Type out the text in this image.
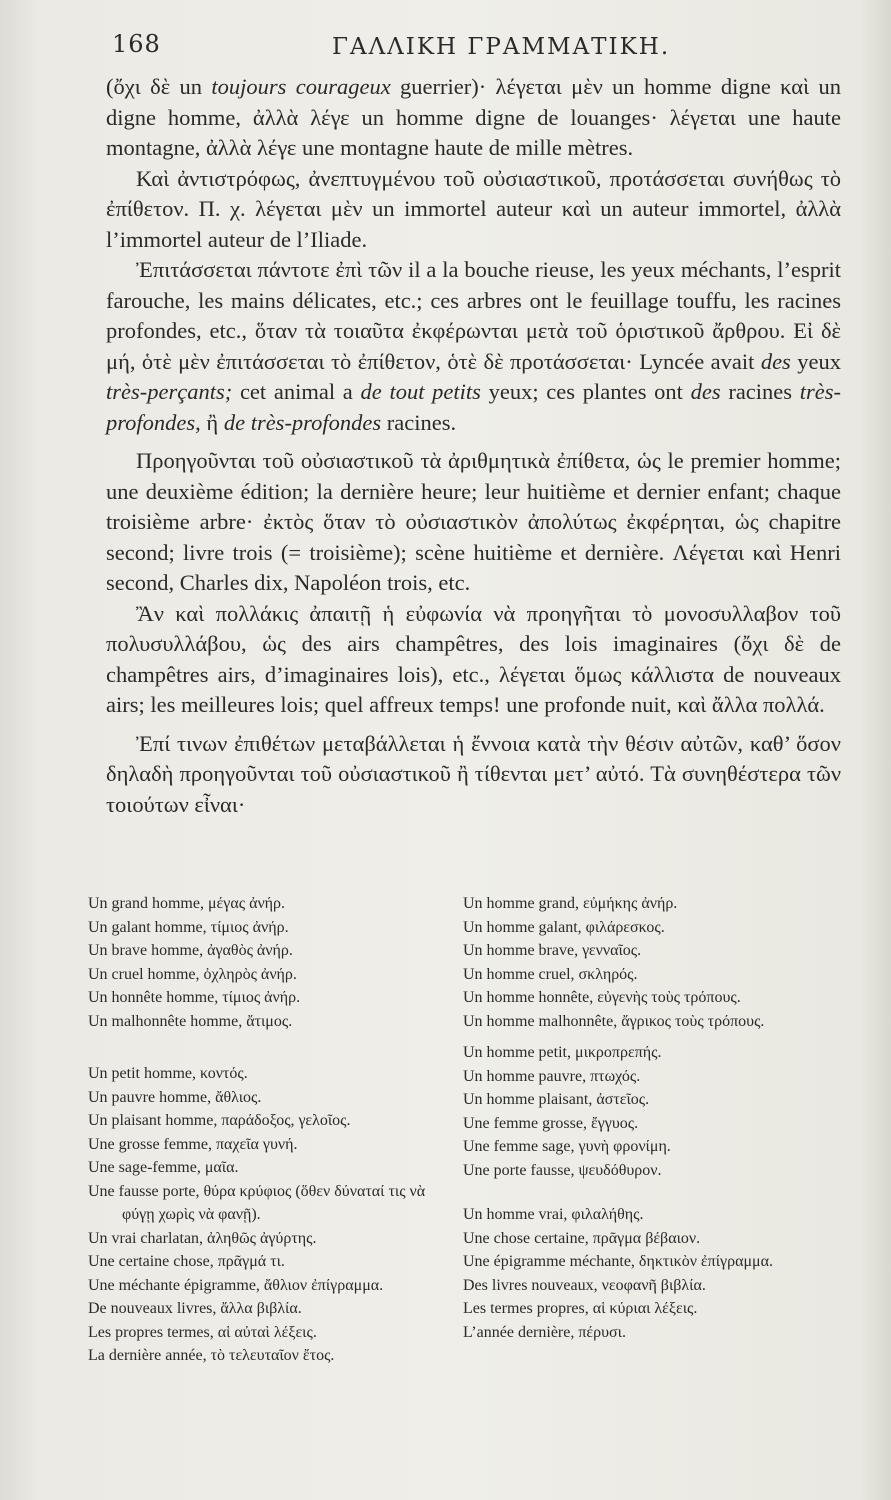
168	ΓΑΛΛΙΚΗ ΓΡΑΜΜΑΤΙΚΗ.

(ὄχι δὲ un toujours courageux guerrier)· λέγεται μὲν un homme digne καὶ un digne homme, ἀλλὰ λέγε un homme digne de louanges· λέγεται une haute montagne, ἀλλὰ λέγε une montagne haute de mille mètres.

Καὶ ἀντιστρόφως, ἀνεπτυγμένου τοῦ οὐσιαστικοῦ, προτάσσεται συνήθως τὸ ἐπίθετον. Π. χ. λέγεται μὲν un immortel auteur καὶ un auteur immortel, ἀλλὰ l’immortel auteur de l’Iliade.

Ἐπιτάσσεται πάντοτε ἐπὶ τῶν il a la bouche rieuse, les yeux méchants, l’esprit farouche, les mains délicates, etc.; ces arbres ont le feuillage touffu, les racines profondes, etc., ὅταν τὰ τοιαῦτα ἐκφέρωνται μετὰ τοῦ ὁριστικοῦ ἄρθρου. Εἰ δὲ μή, ὁτὲ μὲν ἐπιτάσσεται τὸ ἐπίθετον, ὁτὲ δὲ προτάσσεται· Lyncée avait des yeux très-perçants; cet animal a de tout petits yeux; ces plantes ont des racines très-profondes, ἢ de très-profondes racines.

Προηγοῦνται τοῦ οὐσιαστικοῦ τὰ ἀριθμητικὰ ἐπίθετα, ὡς le premier homme; une deuxième édition; la dernière heure; leur huitième et dernier enfant; chaque troisième arbre· ἐκτὸς ὅταν τὸ οὐσιαστικὸν ἀπολύτως ἐκφέρηται, ὡς chapitre second; livre trois (= troisième); scène huitième et dernière. Λέγεται καὶ Henri second, Charles dix, Napoléon trois, etc.

Ἂν καὶ πολλάκις ἀπαιτῇ ἡ εὐφωνία νὰ προηγῆται τὸ μονοσυλλαβον τοῦ πολυσυλλάβου, ὡς des airs champêtres, des lois imaginaires (ὄχι δὲ de champêtres airs, d’imaginaires lois), etc., λέγεται ὅμως κάλλιστα de nouveaux airs; les meilleures lois; quel affreux temps! une profonde nuit, καὶ ἄλλα πολλά.

Ἐπί τινων ἐπιθέτων μεταβάλλεται ἡ ἔννοια κατὰ τὴν θέσιν αὐτῶν, καθ’ ὅσον δηλαδὴ προηγοῦνται τοῦ οὐσιαστικοῦ ἢ τίθενται μετ’ αὐτό. Τὰ συνηθέστερα τῶν τοιούτων εἶναι·

Un grand homme, μέγας ἀνήρ.

Un galant homme, τίμιος ἀνήρ.

Un brave homme, ἀγαθὸς ἀνήρ.

Un cruel homme, ὀχληρὸς ἀνήρ.

Un honnête homme, τίμιος ἀνήρ.

Un malhonnête homme, ἄτιμος.

Un petit homme, κοντός.

Un pauvre homme, ἄθλιος.

Un plaisant homme, παράδοξος, γελοῖος.

Une grosse femme, παχεῖα γυνή.

Une sage-femme, μαῖα.

Une fausse porte, θύρα κρύφιος (ὅθεν δύναταί τις νὰ φύγῃ χωρὶς νὰ φανῇ).

Un vrai charlatan, ἀληθῶς ἀγύρτης.

Une certaine chose, πρᾶγμά τι.

Une méchante épigramme, ἄθλιον ἐπίγραμμα.

De nouveaux livres, ἄλλα βιβλία.

Les propres termes, αἱ αὐταὶ λέξεις.

La dernière année, τὸ τελευταῖον ἔτος.

Un homme grand, εὐμήκης ἀνήρ.

Un homme galant, φιλάρεσκος.

Un homme brave, γενναῖος.

Un homme cruel, σκληρός.

Un homme honnête, εὐγενὴς τοὺς τρόπους.

Un homme malhonnête, ἄγρικος τοὺς τρόπους.

Un homme petit, μικροπρεπής.

Un homme pauvre, πτωχός.

Un homme plaisant, ἀστεῖος.

Une femme grosse, ἔγγυος.

Une femme sage, γυνὴ φρονίμη.

Une porte fausse, ψευδόθυρον.

Un homme vrai, φιλαλήθης.

Une chose certaine, πρᾶγμα βέβαιον.

Une épigramme méchante, δηκτικὸν ἐπίγραμμα.

Des livres nouveaux, νεοφανῆ βιβλία.

Les termes propres, αἱ κύριαι λέξεις.

L’année dernière, πέρυσι.
